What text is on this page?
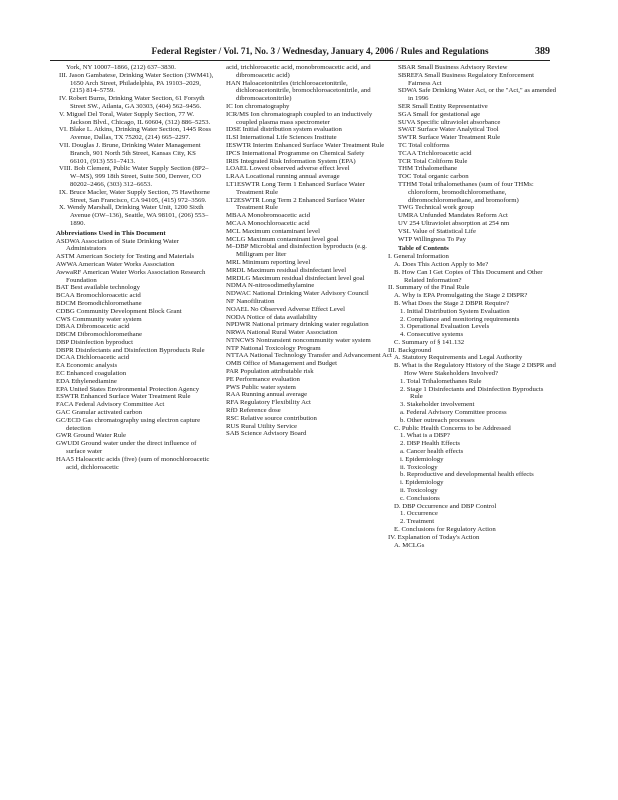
Federal Register / Vol. 71, No. 3 / Wednesday, January 4, 2006 / Rules and Regulations	389

York, NY 10007–1866, (212) 637–3830.

III. Jason Gambatese, Drinking Water Section (3WM41), 1650 Arch Street, Philadelphia, PA 19103–2029, (215) 814–5759.

IV. Robert Burns, Drinking Water Section, 61 Forsyth Street SW., Atlanta, GA 30303, (404) 562–9456.

V. Miguel Del Toral, Water Supply Section, 77 W. Jackson Blvd., Chicago, IL 60604, (312) 886–5253.

VI. Blake L. Atkins, Drinking Water Section, 1445 Ross Avenue, Dallas, TX 75202, (214) 665–2297.

VII. Douglas J. Brune, Drinking Water Management Branch, 901 North 5th Street, Kansas City, KS 66101, (913) 551–7413.

VIII. Bob Clement, Public Water Supply Section (8P2–W–MS), 999 18th Street, Suite 500, Denver, CO 80202–2466, (303) 312–6653.

IX. Bruce Macler, Water Supply Section, 75 Hawthorne Street, San Francisco, CA 94105, (415) 972–3569.

X. Wendy Marshall, Drinking Water Unit, 1200 Sixth Avenue (OW–136), Seattle, WA 98101, (206) 553–1890.

Abbreviations Used in This Document

ASDWA Association of State Drinking Water Administrators

ASTM American Society for Testing and Materials

AWWA American Water Works Association

AwwaRF American Water Works Association Research Foundation

BAT Best available technology

BCAA Bromochloroacetic acid

BDCM Bromodichloromethane

CDBG Community Development Block Grant

CWS Community water system

DBAA Dibromoacetic acid

DBCM Dibromochloromethane

DBP Disinfection byproduct

DBPR Disinfectants and Disinfection Byproducts Rule

DCAA Dichloroacetic acid

EA Economic analysis

EC Enhanced coagulation

EDA Ethylenediamine

EPA United States Environmental Protection Agency

ESWTR Enhanced Surface Water Treatment Rule

FACA Federal Advisory Committee Act

GAC Granular activated carbon

GC/ECD Gas chromatography using electron capture detection

GWR Ground Water Rule

GWUDI Ground water under the direct influence of surface water

HAA5 Haloacetic acids (five) (sum of monochloroacetic acid, dichloroacetic

acid, trichloroacetic acid, monobromoacetic acid, and dibromoacetic acid)

HAN Haloacetonitriles (trichloroacetonitrile, dichloroacetonitrile, bromochloroacetonitrile, and dibromoacetonitrile)

IC Ion chromatography

ICR/MS Ion chromatograph coupled to an inductively coupled plasma mass spectrometer

IDSE Initial distribution system evaluation

ILSI International Life Sciences Institute

IESWTR Interim Enhanced Surface Water Treatment Rule

IPCS International Programme on Chemical Safety

IRIS Integrated Risk Information System (EPA)

LOAEL Lowest observed adverse effect level

LRAA Locational running annual average

LT1ESWTR Long Term 1 Enhanced Surface Water Treatment Rule

LT2ESWTR Long Term 2 Enhanced Surface Water Treatment Rule

MBAA Monobromoacetic acid

MCAA Monochloroacetic acid

MCL Maximum contaminant level

MCLG Maximum contaminant level goal

M–DBP Microbial and disinfection byproducts (e.g. Milligram per liter

MRL Minimum reporting level

MRDL Maximum residual disinfectant level

MRDLG Maximum residual disinfectant level goal

NDMA N-nitrosodimethylamine

NDWAC National Drinking Water Advisory Council

NF Nanofiltration

NOAEL No Observed Adverse Effect Level

NODA Notice of data availability

NPDWR National primary drinking water regulation

NRWA National Rural Water Association

NTNCWS Nontransient noncommunity water system

NTP National Toxicology Program

NTTAA National Technology Transfer and Advancement Act

OMB Office of Management and Budget

PAR Population attributable risk

PE Performance evaluation

PWS Public water system

RAA Running annual average

RFA Regulatory Flexibility Act

RfD Reference dose

RSC Relative source contribution

RUS Rural Utility Service

SAB Science Advisory Board

SBAR Small Business Advisory Review

SBREFA Small Business Regulatory Enforcement Fairness Act

SDWA Safe Drinking Water Act, or the "Act," as amended in 1996

SER Small Entity Representative

SGA Small for gestational age

SUVA Specific ultraviolet absorbance

SWAT Surface Water Analytical Tool

SWTR Surface Water Treatment Rule

TC Total coliforms

TCAA Trichloroacetic acid

TCR Total Coliform Rule

THM Trihalomethane

TOC Total organic carbon

TTHM Total trihalomethanes (sum of four THMs: chloroform, bromodichloromethane, dibromochloromethane, and bromoform)

TWG Technical work group

UMRA Unfunded Mandates Reform Act

UV 254 Ultraviolet absorption at 254 nm

VSL Value of Statistical Life

WTP Willingness To Pay

Table of Contents

I. General Information

A. Does This Action Apply to Me?

B. How Can I Get Copies of This Document and Other Related Information?

II. Summary of the Final Rule

A. Why is EPA Promulgating the Stage 2 DBPR?

B. What Does the Stage 2 DBPR Require?

1. Initial Distribution System Evaluation

2. Compliance and monitoring requirements

3. Operational Evaluation Levels

4. Consecutive systems

C. Summary of § 141.132

III. Background

A. Statutory Requirements and Legal Authority

B. What is the Regulatory History of the Stage 2 DBPR and How Were Stakeholders Involved?

1. Total Trihalomethanes Rule

2. Stage 1 Disinfectants and Disinfection Byproducts Rule

3. Stakeholder involvement

a. Federal Advisory Committee process

b. Other outreach processes

C. Public Health Concerns to be Addressed

1. What is a DBP?

2. DBP Health Effects

a. Cancer health effects

i. Epidemiology

ii. Toxicology

b. Reproductive and developmental health effects

i. Epidemiology

ii. Toxicology

c. Conclusions

D. DBP Occurrence and DBP Control

1. Occurrence

2. Treatment

E. Conclusions for Regulatory Action

IV. Explanation of Today's Action

A. MCLGs
